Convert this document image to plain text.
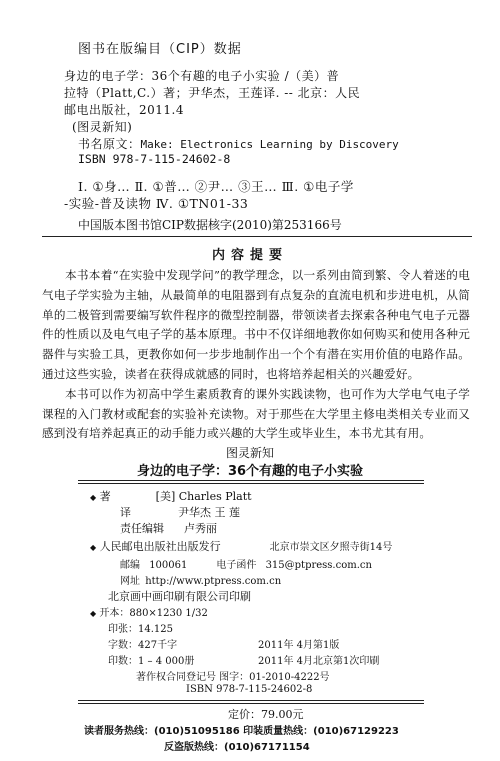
图书在版编目（CIP）数据
身边的电子学：36个有趣的电子小实验 /（美）普
拉特（Platt,C.）著；尹华杰，王莲译. -- 北京：人民
邮电出版社，2011.4
(图灵新知)
书名原文：Make: Electronics Learning by Discovery
ISBN 978-7-115-24602-8
Ⅰ. ①身… Ⅱ. ①普… ②尹… ③王… Ⅲ. ①电子学
-实验-普及读物 Ⅳ. ①TN01-33
中国版本图书馆CIP数据核字(2010)第253166号
内容提要

本书本着“在实验中发现学问”的教学理念，以一系列由简到繁、令人着迷的电气电子学实验为主轴，从最简单的电阻器到有点复杂的直流电机和步进电机，从简单的二极管到需要编写软件程序的微型控制器，带领读者去探索各种电气电子元器件的性质以及电气电子学的基本原理。书中不仅详细地教你如何购买和使用各种元器件与实验工具，更教你如何一步步地制作出一个个有潜在实用价值的电路作品。通过这些实验，读者在获得成就感的同时，也将培养起相关的兴趣爱好。

本书可以作为初高中学生素质教育的课外实践读物，也可作为大学电气电子学课程的入门教材或配套的实验补充读物。对于那些在大学里主修电类相关专业而又感到没有培养起真正的动手能力或兴趣的大学生或毕业生，本书尤其有用。

图灵新知
身边的电子学：36个有趣的电子小实验
◆ 著	[美] Charles Platt
译	尹华杰 王 莲
责任编辑 卢秀丽
◆ 人民邮电出版社出版发行	北京市崇文区夕照寺街14号
邮编 100061	电子函件 315@ptpress.com.cn
网址 http://www.ptpress.com.cn
北京画中画印刷有限公司印刷
◆ 开本：880×1230 1/32
印张：14.125
字数：427千字	2011年 4月第1版
印数：1 – 4 000册	2011年 4月北京第1次印刷
著作权合同登记号 图字：01-2010-4222号
ISBN 978-7-115-24602-8
定价：79.00元
读者服务热线：(010)51095186 印装质量热线：(010)67129223
反盗版热线：(010)67171154
